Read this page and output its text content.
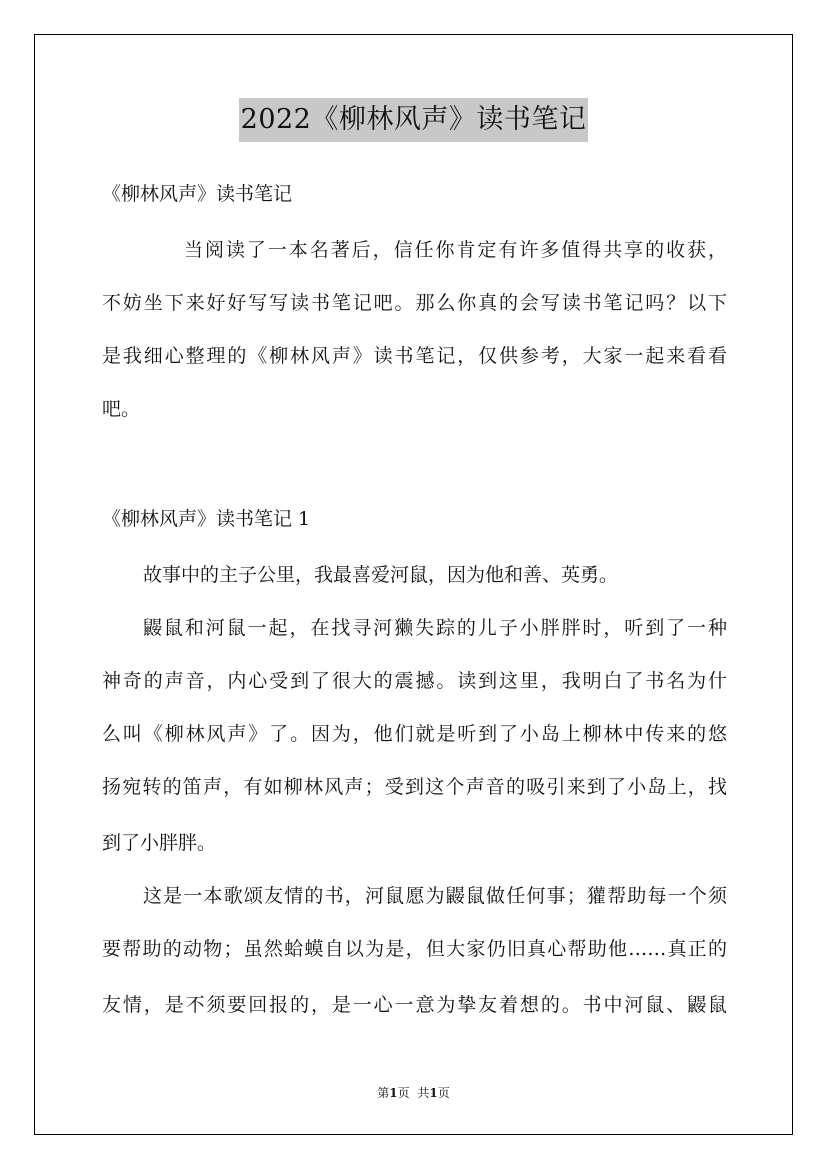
2022《柳林风声》读书笔记
《柳林风声》读书笔记
当阅读了一本名著后，信任你肯定有许多值得共享的收获，
不妨坐下来好好写写读书笔记吧。那么你真的会写读书笔记吗？以下
是我细心整理的《柳林风声》读书笔记，仅供参考，大家一起来看看
吧。
《柳林风声》读书笔记 1
故事中的主子公里，我最喜爱河鼠，因为他和善、英勇。
鼹鼠和河鼠一起，在找寻河獭失踪的儿子小胖胖时，听到了一种
神奇的声音，内心受到了很大的震撼。读到这里，我明白了书名为什
么叫《柳林风声》了。因为，他们就是听到了小岛上柳林中传来的悠
扬宛转的笛声，有如柳林风声；受到这个声音的吸引来到了小岛上，找
到了小胖胖。
这是一本歌颂友情的书，河鼠愿为鼹鼠做任何事；獾帮助每一个须
要帮助的动物；虽然蛤蟆自以为是，但大家仍旧真心帮助他……真正的
友情，是不须要回报的，是一心一意为挚友着想的。书中河鼠、鼹鼠
第1页 共1页
